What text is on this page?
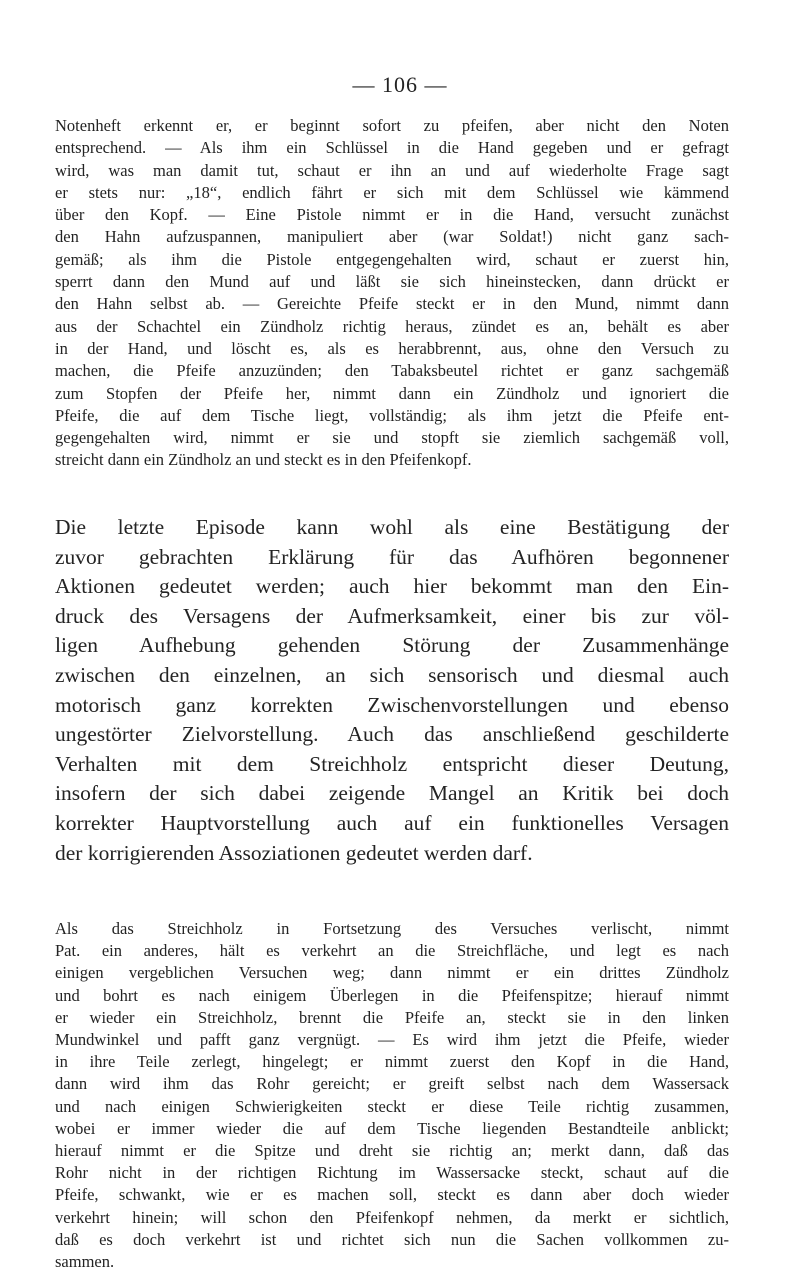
— 106 —
Notenheft erkennt er, er beginnt sofort zu pfeifen, aber nicht den Noten
entsprechend. — Als ihm ein Schlüssel in die Hand gegeben und er gefragt
wird, was man damit tut, schaut er ihn an und auf wiederholte Frage sagt
er stets nur: „18“, endlich fährt er sich mit dem Schlüssel wie kämmend
über den Kopf. — Eine Pistole nimmt er in die Hand, versucht zunächst
den Hahn aufzuspannen, manipuliert aber (war Soldat!) nicht ganz sach-
gemäß; als ihm die Pistole entgegengehalten wird, schaut er zuerst hin,
sperrt dann den Mund auf und läßt sie sich hineinstecken, dann drückt er
den Hahn selbst ab. — Gereichte Pfeife steckt er in den Mund, nimmt dann
aus der Schachtel ein Zündholz richtig heraus, zündet es an, behält es aber
in der Hand, und löscht es, als es herabbrennt, aus, ohne den Versuch zu
machen, die Pfeife anzuzünden; den Tabaksbeutel richtet er ganz sachgemäß
zum Stopfen der Pfeife her, nimmt dann ein Zündholz und ignoriert die
Pfeife, die auf dem Tische liegt, vollständig; als ihm jetzt die Pfeife ent-
gegengehalten wird, nimmt er sie und stopft sie ziemlich sachgemäß voll,
streicht dann ein Zündholz an und steckt es in den Pfeifenkopf.
Die letzte Episode kann wohl als eine Bestätigung der
zuvor gebrachten Erklärung für das Aufhören begonnener
Aktionen gedeutet werden; auch hier bekommt man den Ein-
druck des Versagens der Aufmerksamkeit, einer bis zur völ-
ligen Aufhebung gehenden Störung der Zusammenhänge
zwischen den einzelnen, an sich sensorisch und diesmal auch
motorisch ganz korrekten Zwischenvorstellungen und ebenso
ungestörter Zielvorstellung. Auch das anschließend geschilderte
Verhalten mit dem Streichholz entspricht dieser Deutung,
insofern der sich dabei zeigende Mangel an Kritik bei doch
korrekter Hauptvorstellung auch auf ein funktionelles Versagen
der korrigierenden Assoziationen gedeutet werden darf.
Als das Streichholz in Fortsetzung des Versuches verlischt, nimmt
Pat. ein anderes, hält es verkehrt an die Streichfläche, und legt es nach
einigen vergeblichen Versuchen weg; dann nimmt er ein drittes Zündholz
und bohrt es nach einigem Überlegen in die Pfeifenspitze; hierauf nimmt
er wieder ein Streichholz, brennt die Pfeife an, steckt sie in den linken
Mundwinkel und pafft ganz vergnügt. — Es wird ihm jetzt die Pfeife, wieder
in ihre Teile zerlegt, hingelegt; er nimmt zuerst den Kopf in die Hand,
dann wird ihm das Rohr gereicht; er greift selbst nach dem Wassersack
und nach einigen Schwierigkeiten steckt er diese Teile richtig zusammen,
wobei er immer wieder die auf dem Tische liegenden Bestandteile anblickt;
hierauf nimmt er die Spitze und dreht sie richtig an; merkt dann, daß das
Rohr nicht in der richtigen Richtung im Wassersacke steckt, schaut auf die
Pfeife, schwankt, wie er es machen soll, steckt es dann aber doch wieder
verkehrt hinein; will schon den Pfeifenkopf nehmen, da merkt er sichtlich,
daß es doch verkehrt ist und richtet sich nun die Sachen vollkommen zu-
sammen.
